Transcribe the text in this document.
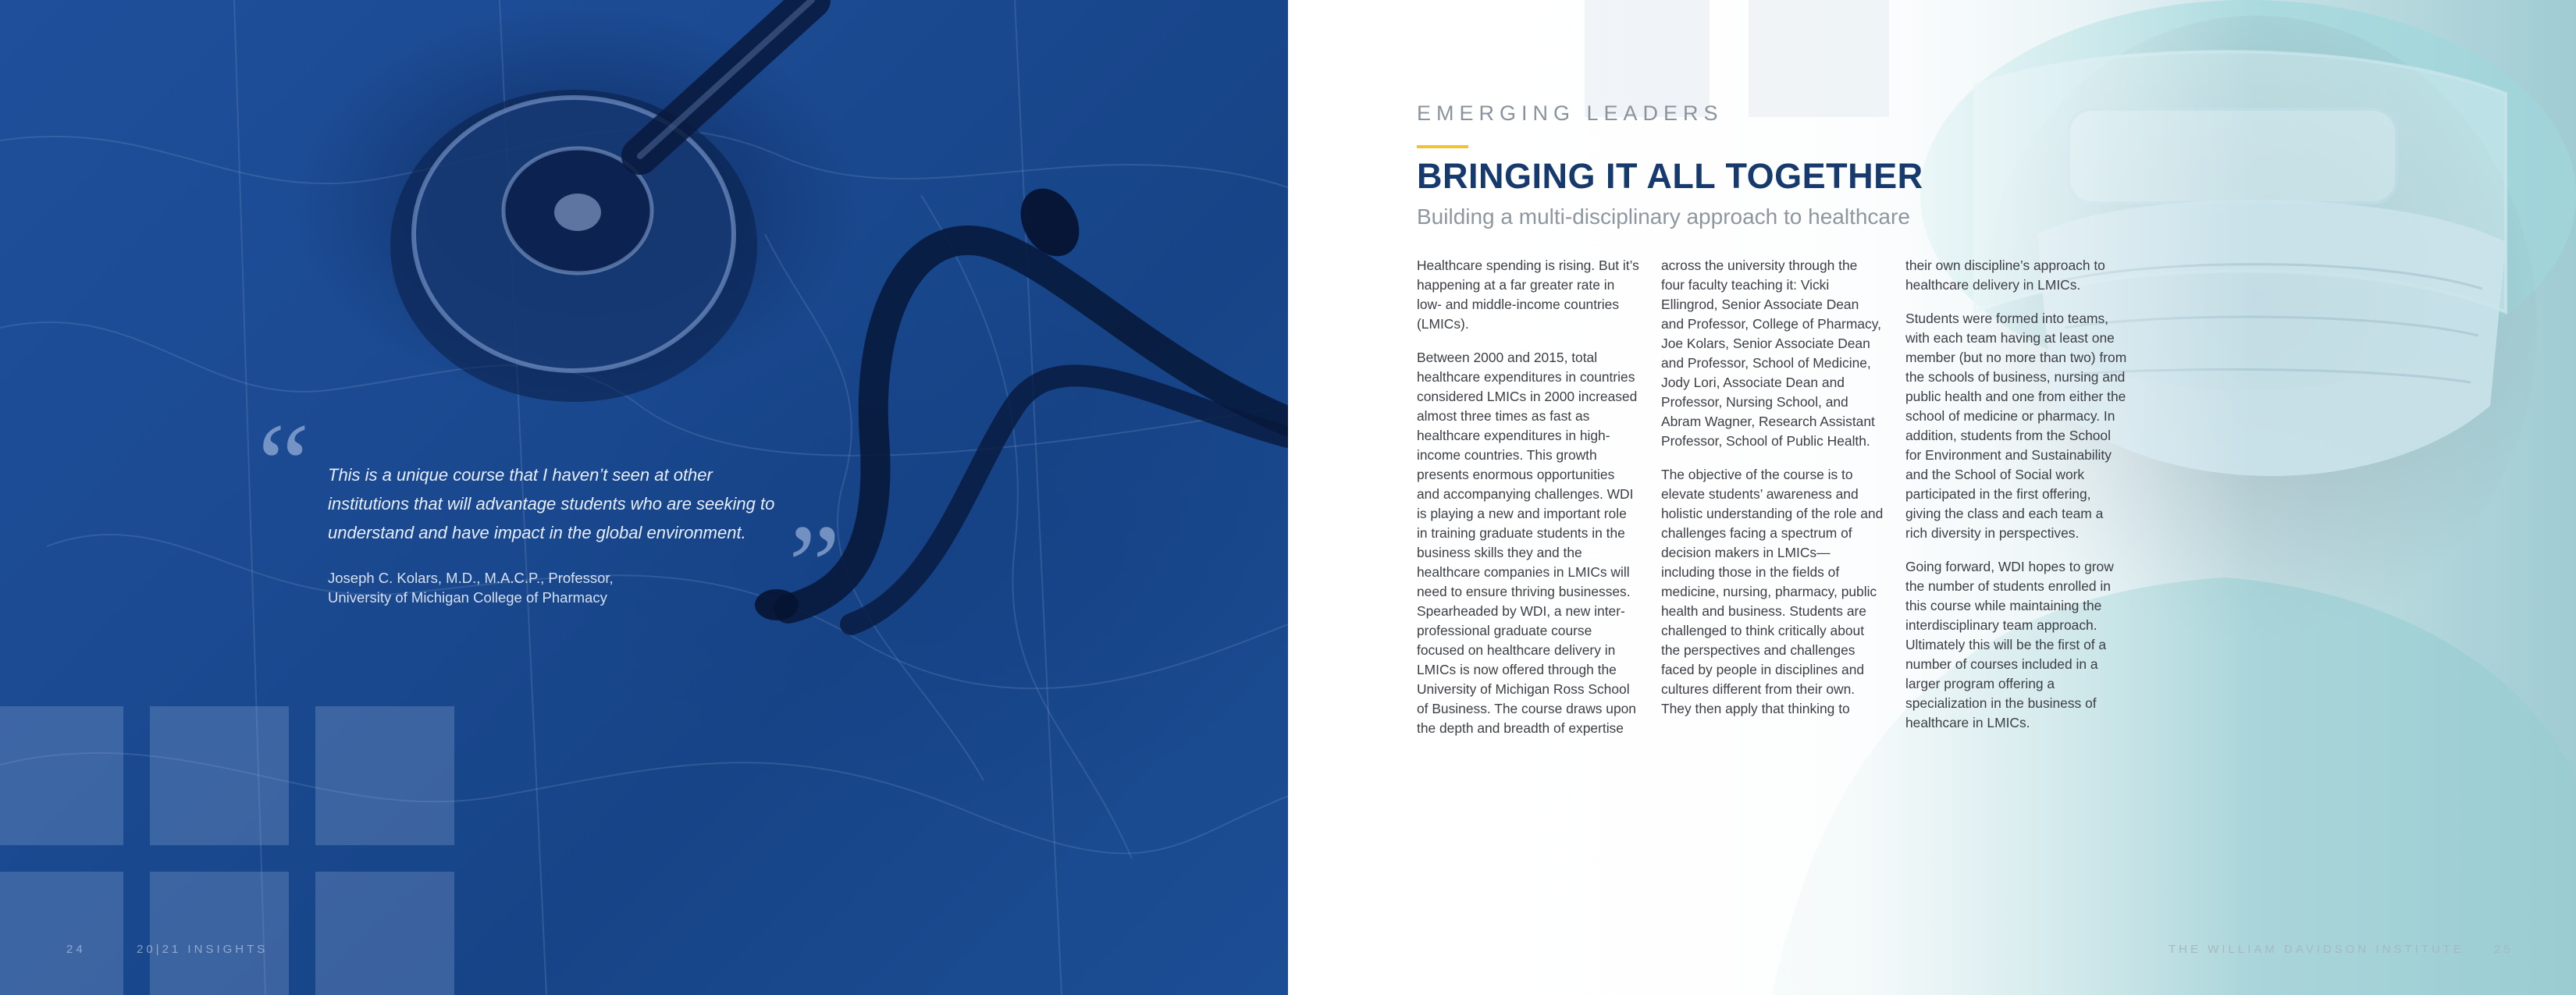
“ This is a unique course that I haven’t seen at other institutions that will advantage students who are seeking to understand and have impact in the global environment. ”
Joseph C. Kolars, M.D., M.A.C.P., Professor,
University of Michigan College of Pharmacy
24	20|21 INSIGHTS
EMERGING LEADERS
BRINGING IT ALL TOGETHER
Building a multi-disciplinary approach to healthcare

Healthcare spending is rising. But it’s happening at a far greater rate in low- and middle-income countries (LMICs).

Between 2000 and 2015, total healthcare expenditures in countries considered LMICs in 2000 increased almost three times as fast as healthcare expenditures in high-income countries. This growth presents enormous opportunities and accompanying challenges. WDI is playing a new and important role in training graduate students in the business skills they and the healthcare companies in LMICs will need to ensure thriving businesses. Spearheaded by WDI, a new inter-professional graduate course focused on healthcare delivery in LMICs is now offered through the University of Michigan Ross School of Business. The course draws upon the depth and breadth of expertise

across the university through the four faculty teaching it: Vicki Ellingrod, Senior Associate Dean and Professor, College of Pharmacy, Joe Kolars, Senior Associate Dean and Professor, School of Medicine, Jody Lori, Associate Dean and Professor, Nursing School, and Abram Wagner, Research Assistant Professor, School of Public Health.

The objective of the course is to elevate students’ awareness and holistic understanding of the role and challenges facing a spectrum of decision makers in LMICs—including those in the fields of medicine, nursing, pharmacy, public health and business. Students are challenged to think critically about the perspectives and challenges faced by people in disciplines and cultures different from their own. They then apply that thinking to

their own discipline’s approach to healthcare delivery in LMICs.

Students were formed into teams, with each team having at least one member (but no more than two) from the schools of business, nursing and public health and one from either the school of medicine or pharmacy. In addition, students from the School for Environment and Sustainability and the School of Social work participated in the first offering, giving the class and each team a rich diversity in perspectives.

Going forward, WDI hopes to grow the number of students enrolled in this course while maintaining the interdisciplinary team approach. Ultimately this will be the first of a number of courses included in a larger program offering a specialization in the business of healthcare in LMICs.

THE WILLIAM DAVIDSON INSTITUTE	25
